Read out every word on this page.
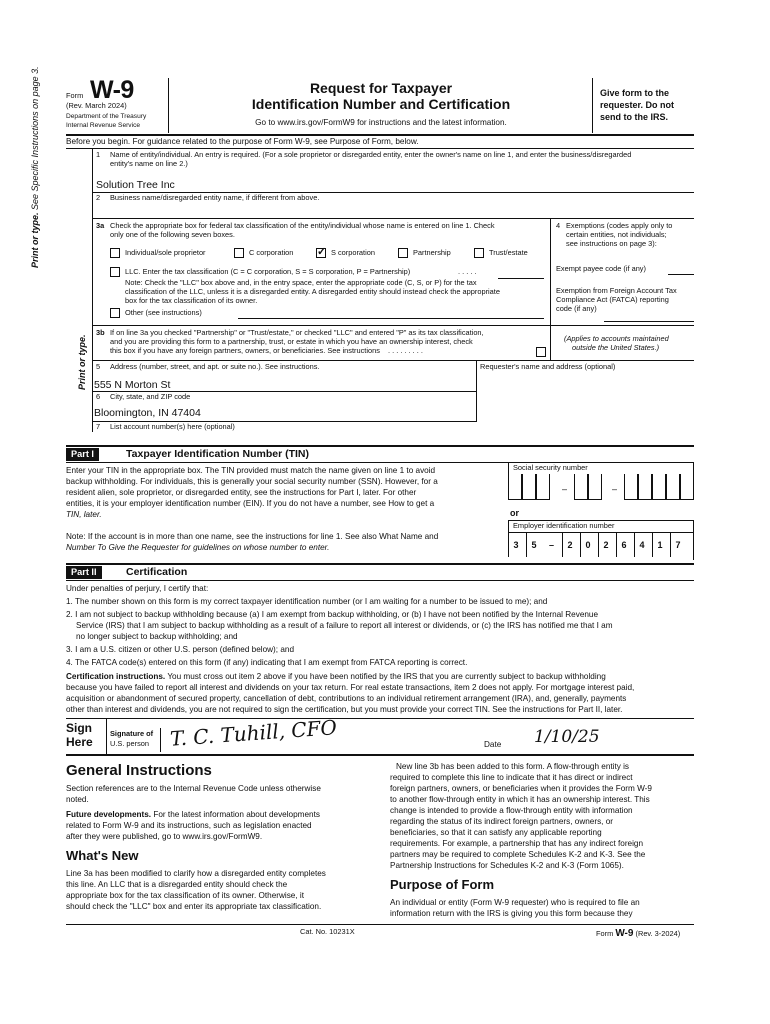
Form W-9
(Rev. March 2024)
Department of the Treasury
Internal Revenue Service
Request for Taxpayer
Identification Number and Certification
Go to www.irs.gov/FormW9 for instructions and the latest information.
Give form to the
requester. Do not
send to the IRS.
Before you begin. For guidance related to the purpose of Form W-9, see Purpose of Form, below.
Print or type. See Specific Instructions on page 3.
Print or type.
1 Name of entity/individual. An entry is required. (For a sole proprietor or disregarded entity, enter the owner's name on line 1, and enter the business/disregarded
entity's name on line 2.)
Solution Tree Inc
2 Business name/disregarded entity name, if different from above.
3a Check the appropriate box for federal tax classification of the entity/individual whose name is entered on line 1. Check
only one of the following seven boxes.
Individual/sole proprietor	C corporation ✓ S corporation	Partnership	Trust/estate
LLC. Enter the tax classification (C = C corporation, S = S corporation, P = Partnership)	. . . . .
Note: Check the "LLC" box above and, in the entry space, enter the appropriate code (C, S, or P) for the tax
classification of the LLC, unless it is a disregarded entity. A disregarded entity should instead check the appropriate
box for the tax classification of its owner.
Other (see instructions)
3b If on line 3a you checked "Partnership" or "Trust/estate," or checked "LLC" and entered "P" as its tax classification,
and you are providing this form to a partnership, trust, or estate in which you have an ownership interest, check
this box if you have any foreign partners, owners, or beneficiaries. See instructions . . . . . . . . .
4 Exemptions (codes apply only to
certain entities, not individuals;
see instructions on page 3):
Exempt payee code (if any)
Exemption from Foreign Account Tax
Compliance Act (FATCA) reporting
code (if any)
(Applies to accounts maintained
outside the United States.)
5 Address (number, street, and apt. or suite no.). See instructions.
555 N Morton St
Requester's name and address (optional)
6 City, state, and ZIP code
Bloomington, IN 47404
7 List account number(s) here (optional)
Part I	Taxpayer Identification Number (TIN)
Enter your TIN in the appropriate box. The TIN provided must match the name given on line 1 to avoid
backup withholding. For individuals, this is generally your social security number (SSN). However, for a
resident alien, sole proprietor, or disregarded entity, see the instructions for Part I, later. For other
entities, it is your employer identification number (EIN). If you do not have a number, see How to get a
TIN, later.
Note: If the account is in more than one name, see the instructions for line 1. See also What Name and
Number To Give the Requester for guidelines on whose number to enter.
Social security number
–	–
or
Employer identification number
3	5	–	2	0	2	6	4	1	7
Part II	Certification
Under penalties of perjury, I certify that:
1. The number shown on this form is my correct taxpayer identification number (or I am waiting for a number to be issued to me); and
2. I am not subject to backup withholding because (a) I am exempt from backup withholding, or (b) I have not been notified by the Internal Revenue
Service (IRS) that I am subject to backup withholding as a result of a failure to report all interest or dividends, or (c) the IRS has notified me that I am
no longer subject to backup withholding; and
3. I am a U.S. citizen or other U.S. person (defined below); and
4. The FATCA code(s) entered on this form (if any) indicating that I am exempt from FATCA reporting is correct.
Certification instructions. You must cross out item 2 above if you have been notified by the IRS that you are currently subject to backup withholding
because you have failed to report all interest and dividends on your tax return. For real estate transactions, item 2 does not apply. For mortgage interest paid,
acquisition or abandonment of secured property, cancellation of debt, contributions to an individual retirement arrangement (IRA), and, generally, payments
other than interest and dividends, you are not required to sign the certification, but you must provide your correct TIN. See the instructions for Part II, later.
Sign
Here
Signature of
U.S. person T. C. Tuhill, CFO	Date 1/10/25
General Instructions
Section references are to the Internal Revenue Code unless otherwise
noted.
Future developments. For the latest information about developments
related to Form W-9 and its instructions, such as legislation enacted
after they were published, go to www.irs.gov/FormW9.
What's New
Line 3a has been modified to clarify how a disregarded entity completes
this line. An LLC that is a disregarded entity should check the
appropriate box for the tax classification of its owner. Otherwise, it
should check the "LLC" box and enter its appropriate tax classification.
New line 3b has been added to this form. A flow-through entity is
required to complete this line to indicate that it has direct or indirect
foreign partners, owners, or beneficiaries when it provides the Form W-9
to another flow-through entity in which it has an ownership interest. This
change is intended to provide a flow-through entity with information
regarding the status of its indirect foreign partners, owners, or
beneficiaries, so that it can satisfy any applicable reporting
requirements. For example, a partnership that has any indirect foreign
partners may be required to complete Schedules K-2 and K-3. See the
Partnership Instructions for Schedules K-2 and K-3 (Form 1065).
Purpose of Form
An individual or entity (Form W-9 requester) who is required to file an
information return with the IRS is giving you this form because they
Cat. No. 10231X	Form W-9 (Rev. 3-2024)
